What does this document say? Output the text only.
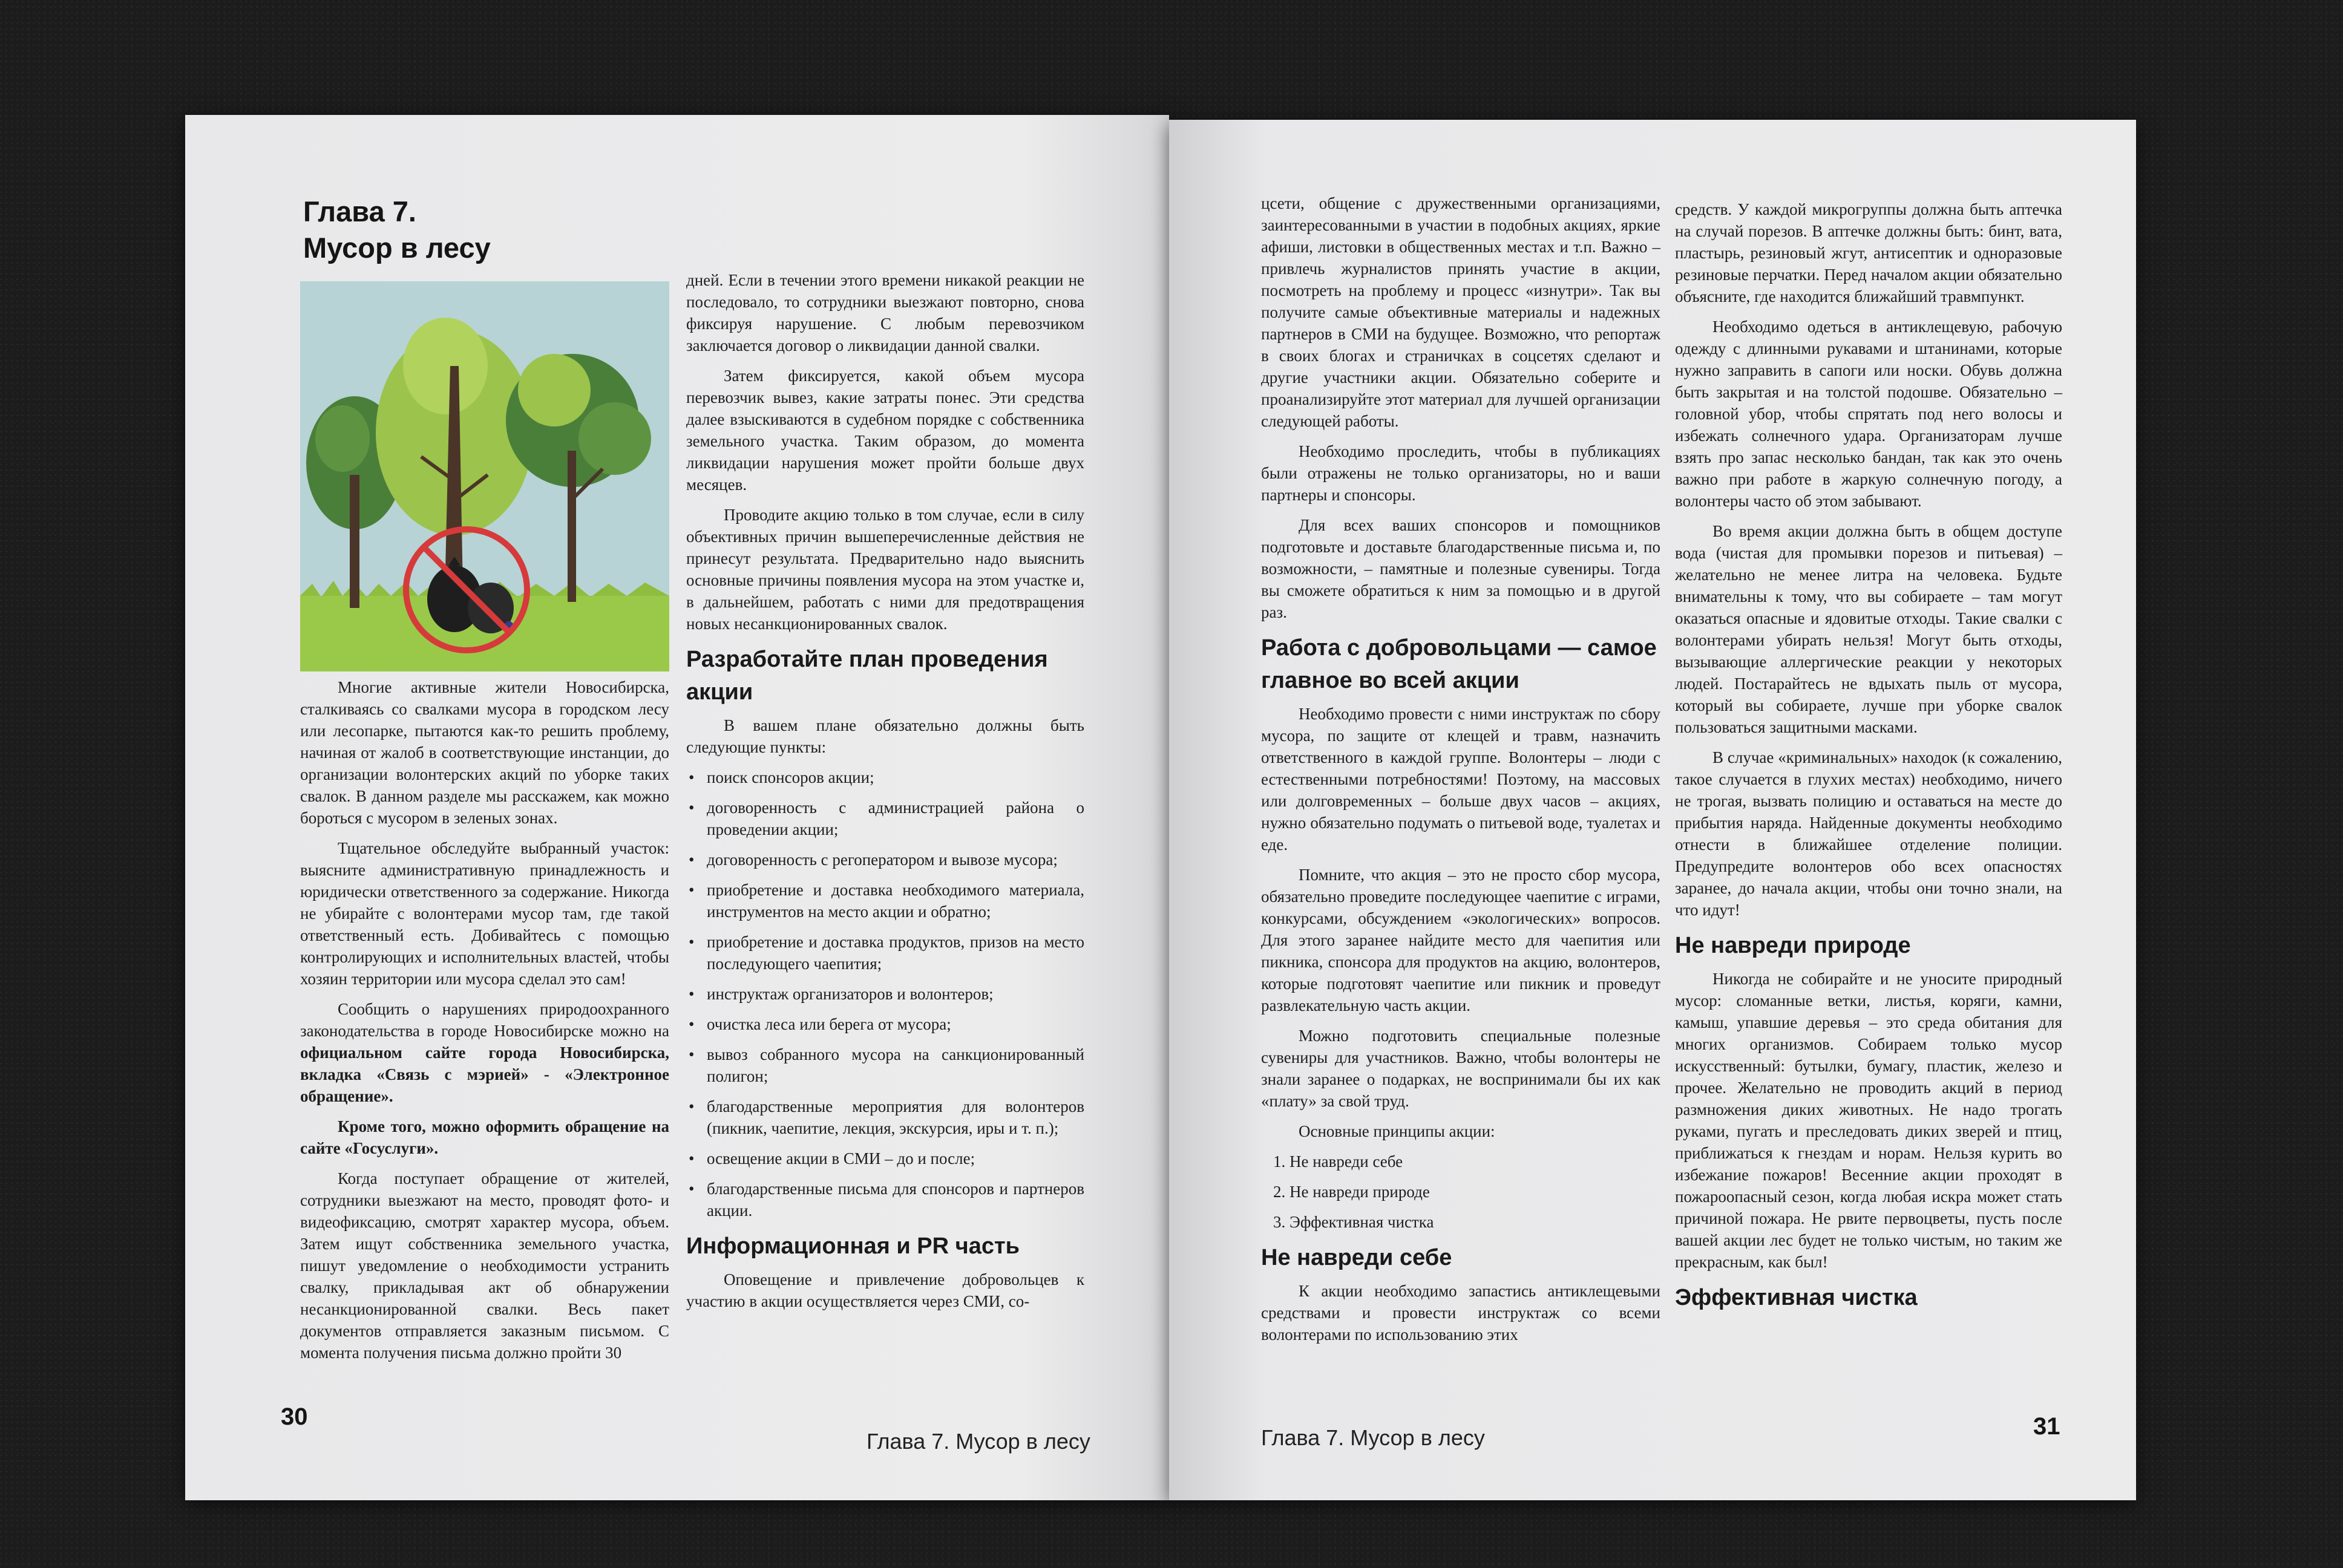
Глава 7.
Мусор в лесу

Многие активные жители Новосибирска, сталкиваясь со свалками мусора в городском лесу или лесопарке, пытаются как-то решить проблему, начиная от жалоб в соответствующие инстанции, до организации волонтерских акций по уборке таких свалок. В данном разделе мы расскажем, как можно бороться с мусором в зеленых зонах.

Тщательное обследуйте выбранный участок: выясните административную принадлежность и юридически ответственного за содержание. Никогда не убирайте с волонтерами мусор там, где такой ответственный есть. Добивайтесь с помощью контролирующих и исполнительных властей, чтобы хозяин территории или мусора сделал это сам!

Сообщить о нарушениях природоохранного законодательства в городе Новосибирске можно на официальном сайте города Новосибирска, вкладка «Связь с мэрией» - «Электронное обращение».

Кроме того, можно оформить обращение на сайте «Госуслуги».

Когда поступает обращение от жителей, сотрудники выезжают на место, проводят фото- и видеофиксацию, смотрят характер мусора, объем. Затем ищут собственника земельного участка, пишут уведомление о необходимости устранить свалку, прикладывая акт об обнаружении несанкционированной свалки. Весь пакет документов отправляется заказным письмом. С момента получения письма должно пройти 30

дней. Если в течении этого времени никакой реакции не последовало, то сотрудники выезжают повторно, снова фиксируя нарушение. С любым перевозчиком заключается договор о ликвидации данной свалки.

Затем фиксируется, какой объем мусора перевозчик вывез, какие затраты понес. Эти средства далее взыскиваются в судебном порядке с собственника земельного участка. Таким образом, до момента ликвидации нарушения может пройти больше двух месяцев.

Проводите акцию только в том случае, если в силу объективных причин вышеперечисленные действия не принесут результата. Предварительно надо выяснить основные причины появления мусора на этом участке и, в дальнейшем, работать с ними для предотвращения новых несанкционированных свалок.

Разработайте план проведения акции

В вашем плане обязательно должны быть следующие пункты:

• поиск спонсоров акции;
• договоренность с администрацией района о проведении акции;
• договоренность с регоператором и вывозе мусора;
• приобретение и доставка необходимого материала, инструментов на место акции и обратно;
• приобретение и доставка продуктов, призов на место последующего чаепития;
• инструктаж организаторов и волонтеров;
• очистка леса или берега от мусора;
• вывоз собранного мусора на санкционированный полигон;
• благодарственные мероприятия для волонтеров (пикник, чаепитие, лекция, экскурсия, иры и т. п.);
• освещение акции в СМИ – до и после;
• благодарственные письма для спонсоров и партнеров акции.
Информационная и PR часть

Оповещение и привлечение добровольцев к участию в акции осуществляется через СМИ, со-

30
Глава 7. Мусор в лесу

цсети, общение с дружественными организациями, заинтересованными в участии в подобных акциях, яркие афиши, листовки в общественных местах и т.п. Важно – привлечь журналистов принять участие в акции, посмотреть на проблему и процесс «изнутри». Так вы получите самые объективные материалы и надежных партнеров в СМИ на будущее. Возможно, что репортаж в своих блогах и страничках в соцсетях сделают и другие участники акции. Обязательно соберите и проанализируйте этот материал для лучшей организации следующей работы.

Необходимо проследить, чтобы в публикациях были отражены не только организаторы, но и ваши партнеры и спонсоры.

Для всех ваших спонсоров и помощников подготовьте и доставьте благодарственные письма и, по возможности, – памятные и полезные сувениры. Тогда вы сможете обратиться к ним за помощью и в другой раз.

Работа с добровольцами — самое главное во всей акции

Необходимо провести с ними инструктаж по сбору мусора, по защите от клещей и травм, назначить ответственного в каждой группе. Волонтеры – люди с естественными потребностями! Поэтому, на массовых или долговременных – больше двух часов – акциях, нужно обязательно подумать о питьевой воде, туалетах и еде.

Помните, что акция – это не просто сбор мусора, обязательно проведите последующее чаепитие с играми, конкурсами, обсуждением «экологических» вопросов. Для этого заранее найдите место для чаепития или пикника, спонсора для продуктов на акцию, волонтеров, которые подготовят чаепитие или пикник и проведут развлекательную часть акции.

Можно подготовить специальные полезные сувениры для участников. Важно, чтобы волонтеры не знали заранее о подарках, не воспринимали бы их как «плату» за свой труд.

Основные принципы акции:

1. Не навреди себе
2. Не навреди природе
3. Эффективная чистка
Не навреди себе

К акции необходимо запастись антиклещевыми средствами и провести инструктаж со всеми волонтерами по использованию этих

средств. У каждой микрогруппы должна быть аптечка на случай порезов. В аптечке должны быть: бинт, вата, пластырь, резиновый жгут, антисептик и одноразовые резиновые перчатки. Перед началом акции обязательно объясните, где находится ближайший травмпункт.

Необходимо одеться в антиклещевую, рабочую одежду с длинными рукавами и штанинами, которые нужно заправить в сапоги или носки. Обувь должна быть закрытая и на толстой подошве. Обязательно – головной убор, чтобы спрятать под него волосы и избежать солнечного удара. Организаторам лучше взять про запас несколько бандан, так как это очень важно при работе в жаркую солнечную погоду, а волонтеры часто об этом забывают.

Во время акции должна быть в общем доступе вода (чистая для промывки порезов и питьевая) – желательно не менее литра на человека. Будьте внимательны к тому, что вы собираете – там могут оказаться опасные и ядовитые отходы. Такие свалки с волонтерами убирать нельзя! Могут быть отходы, вызывающие аллергические реакции у некоторых людей. Постарайтесь не вдыхать пыль от мусора, который вы собираете, лучше при уборке свалок пользоваться защитными масками.

В случае «криминальных» находок (к сожалению, такое случается в глухих местах) необходимо, ничего не трогая, вызвать полицию и оставаться на месте до прибытия наряда. Найденные документы необходимо отнести в ближайшее отделение полиции. Предупредите волонтеров обо всех опасностях заранее, до начала акции, чтобы они точно знали, на что идут!

Не навреди природе

Никогда не собирайте и не уносите природный мусор: сломанные ветки, листья, коряги, камни, камыш, упавшие деревья – это среда обитания для многих организмов. Собираем только мусор искусственный: бутылки, бумагу, пластик, железо и прочее. Желательно не проводить акций в период размножения диких животных. Не надо трогать руками, пугать и преследовать диких зверей и птиц, приближаться к гнездам и норам. Нельзя курить во избежание пожаров! Весенние акции проходят в пожароопасный сезон, когда любая искра может стать причиной пожара. Не рвите первоцветы, пусть после вашей акции лес будет не только чистым, но таким же прекрасным, как был!

Эффективная чистка
Глава 7. Мусор в лесу	31
